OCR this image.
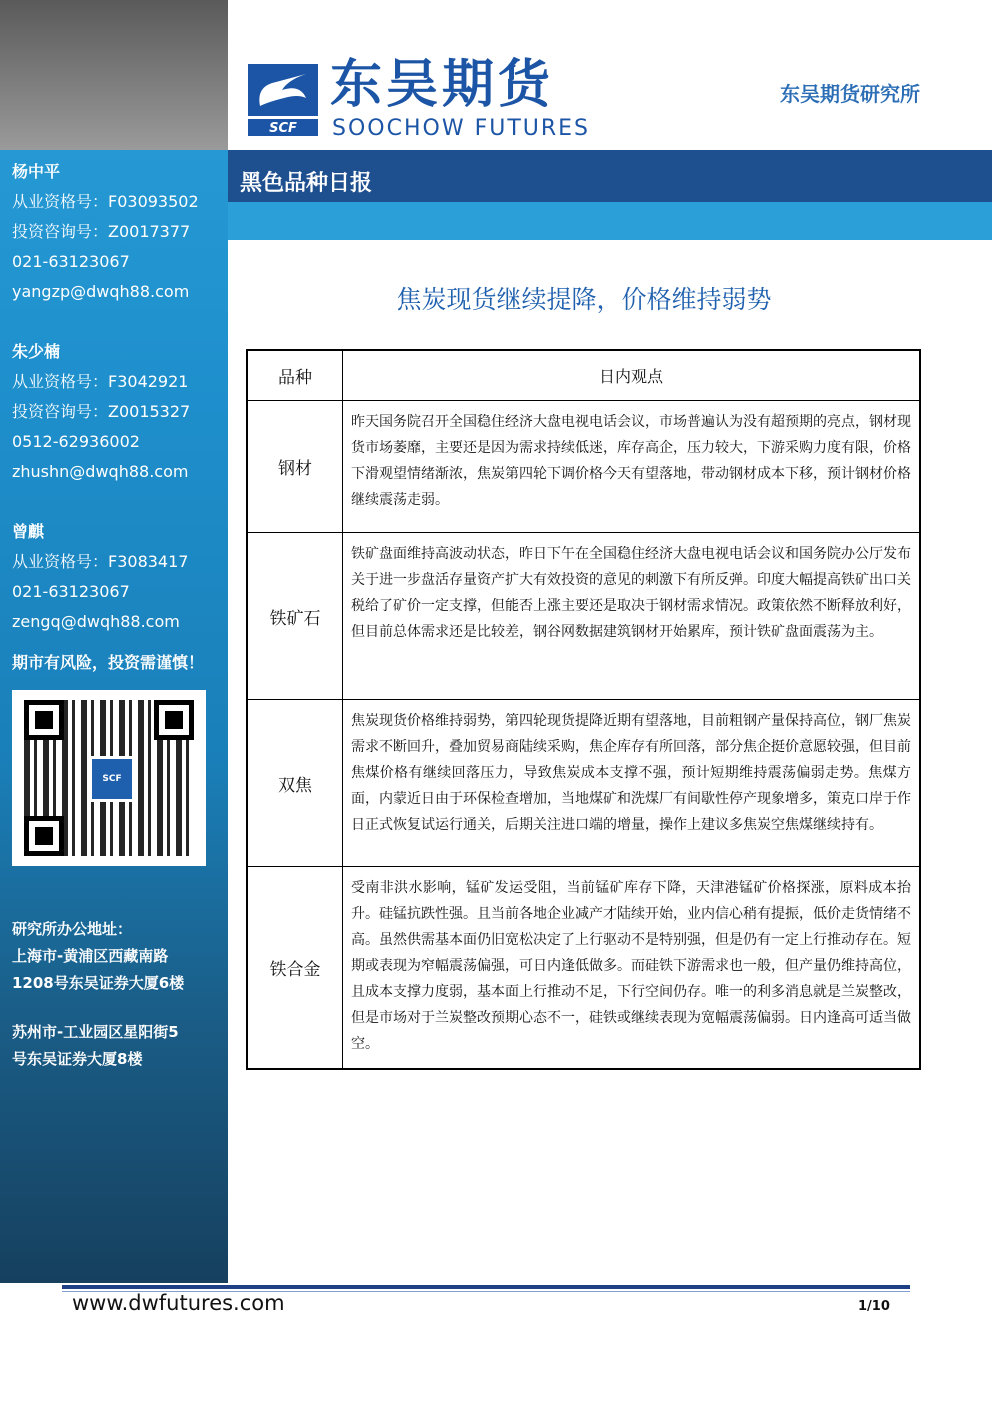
杨中平
从业资格号：F03093502
投资咨询号：Z0017377
021-63123067
yangzp@dwqh88.com
朱少楠
从业资格号：F3042921
投资咨询号：Z0015327
0512-62936002
zhushn@dwqh88.com
曾麒
从业资格号：F3083417
021-63123067
zengq@dwqh88.com
期市有风险，投资需谨慎！
SCF
研究所办公地址：
上海市-黄浦区西藏南路
1208号东吴证券大厦6楼
苏州市-工业园区星阳街5
号东吴证券大厦8楼
SCF
东吴期货
SOOCHOW FUTURES
东吴期货研究所
黑色品种日报
焦炭现货继续提降，价格维持弱势
品种	日内观点
钢材	昨天国务院召开全国稳住经济大盘电视电话会议，市场普遍认为没有超预期的亮点，钢材现货市场萎靡，主要还是因为需求持续低迷，库存高企，压力较大，下游采购力度有限，价格下滑观望情绪渐浓，焦炭第四轮下调价格今天有望落地，带动钢材成本下移，预计钢材价格继续震荡走弱。
铁矿石	铁矿盘面维持高波动状态，昨日下午在全国稳住经济大盘电视电话会议和国务院办公厅发布关于进一步盘活存量资产扩大有效投资的意见的刺激下有所反弹。印度大幅提高铁矿出口关税给了矿价一定支撑，但能否上涨主要还是取决于钢材需求情况。政策依然不断释放利好，但目前总体需求还是比较差，钢谷网数据建筑钢材开始累库，预计铁矿盘面震荡为主。
双焦	焦炭现货价格维持弱势，第四轮现货提降近期有望落地，目前粗钢产量保持高位，钢厂焦炭需求不断回升，叠加贸易商陆续采购，焦企库存有所回落，部分焦企挺价意愿较强，但目前焦煤价格有继续回落压力，导致焦炭成本支撑不强，预计短期维持震荡偏弱走势。焦煤方面，内蒙近日由于环保检查增加，当地煤矿和洗煤厂有间歇性停产现象增多，策克口岸于作日正式恢复试运行通关，后期关注进口端的增量，操作上建议多焦炭空焦煤继续持有。
铁合金	受南非洪水影响，锰矿发运受阻，当前锰矿库存下降，天津港锰矿价格探涨，原料成本抬升。硅锰抗跌性强。且当前各地企业减产才陆续开始，业内信心稍有提振，低价走货情绪不高。虽然供需基本面仍旧宽松决定了上行驱动不是特别强，但是仍有一定上行推动存在。短期或表现为窄幅震荡偏强，可日内逢低做多。而硅铁下游需求也一般，但产量仍维持高位，且成本支撑力度弱，基本面上行推动不足，下行空间仍存。唯一的利多消息就是兰炭整改，但是市场对于兰炭整改预期心态不一，硅铁或继续表现为宽幅震荡偏弱。日内逢高可适当做空。
www.dwfutures.com	1/10
